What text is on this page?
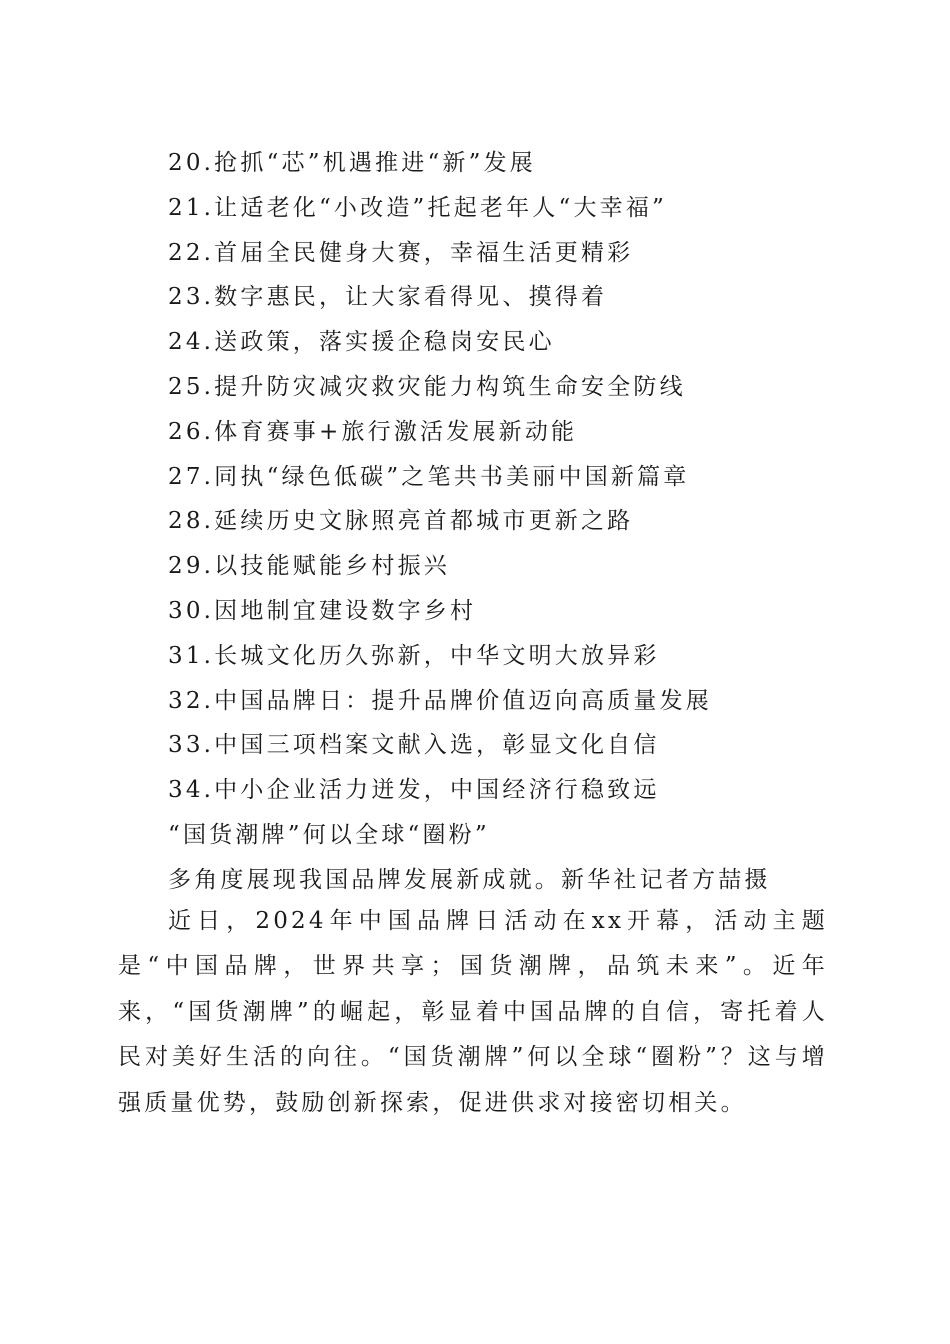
20.抢抓“芯”机遇推进“新”发展
21.让适老化“小改造”托起老年人“大幸福”
22.首届全民健身大赛，幸福生活更精彩
23.数字惠民，让大家看得见、摸得着
24.送政策，落实援企稳岗安民心
25.提升防灾减灾救灾能力构筑生命安全防线
26.体育赛事+旅行激活发展新动能
27.同执“绿色低碳”之笔共书美丽中国新篇章
28.延续历史文脉照亮首都城市更新之路
29.以技能赋能乡村振兴
30.因地制宜建设数字乡村
31.长城文化历久弥新，中华文明大放异彩
32.中国品牌日：提升品牌价值迈向高质量发展
33.中国三项档案文献入选，彰显文化自信
34.中小企业活力迸发，中国经济行稳致远
“国货潮牌”何以全球“圈粉”
多角度展现我国品牌发展新成就。新华社记者方喆摄

近日，2024年中国品牌日活动在xx开幕，活动主题是“中国品牌，世界共享；国货潮牌，品筑未来”。近年来，“国货潮牌”的崛起，彰显着中国品牌的自信，寄托着人民对美好生活的向往。“国货潮牌”何以全球“圈粉”？这与增强质量优势，鼓励创新探索，促进供求对接密切相关。
